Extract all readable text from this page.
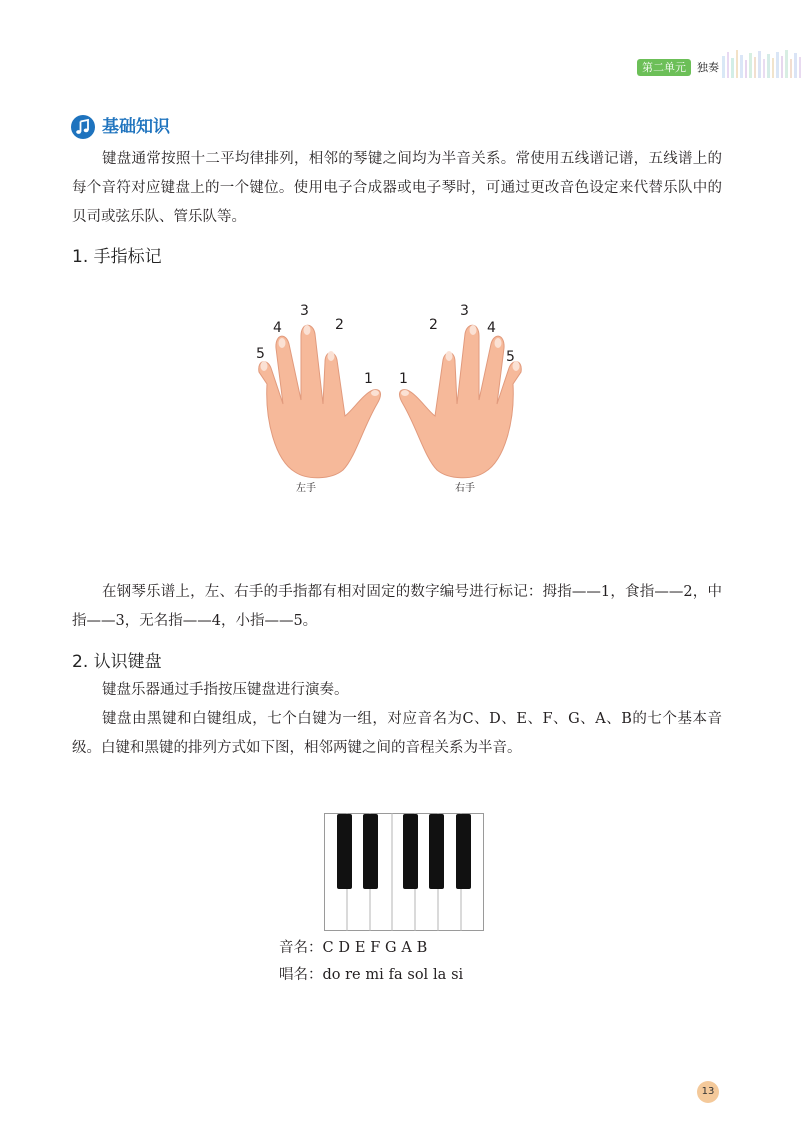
第二单元	独奏
基础知识
键盘通常按照十二平均律排列，相邻的琴键之间均为半音关系。常使用五线谱记谱，五线谱上的每个音符对应键盘上的一个键位。使用电子合成器或电子琴时，可通过更改音色设定来代替乐队中的贝司或弦乐队、管乐队等。
1. 手指标记
5
4
3
2
1 1
2
3
4
5
左手	右手
在钢琴乐谱上，左、右手的手指都有相对固定的数字编号进行标记：拇指——1，食指——2，中指——3，无名指——4，小指——5。
2. 认识键盘
键盘乐器通过手指按压键盘进行演奏。
键盘由黑键和白键组成，七个白键为一组，对应音名为C、D、E、F、G、A、B的七个基本音级。白键和黑键的排列方式如下图，相邻两键之间的音程关系为半音。
音名：C  D  E  F  G  A  B
唱名：do re  mi  fa  sol  la  si
13
